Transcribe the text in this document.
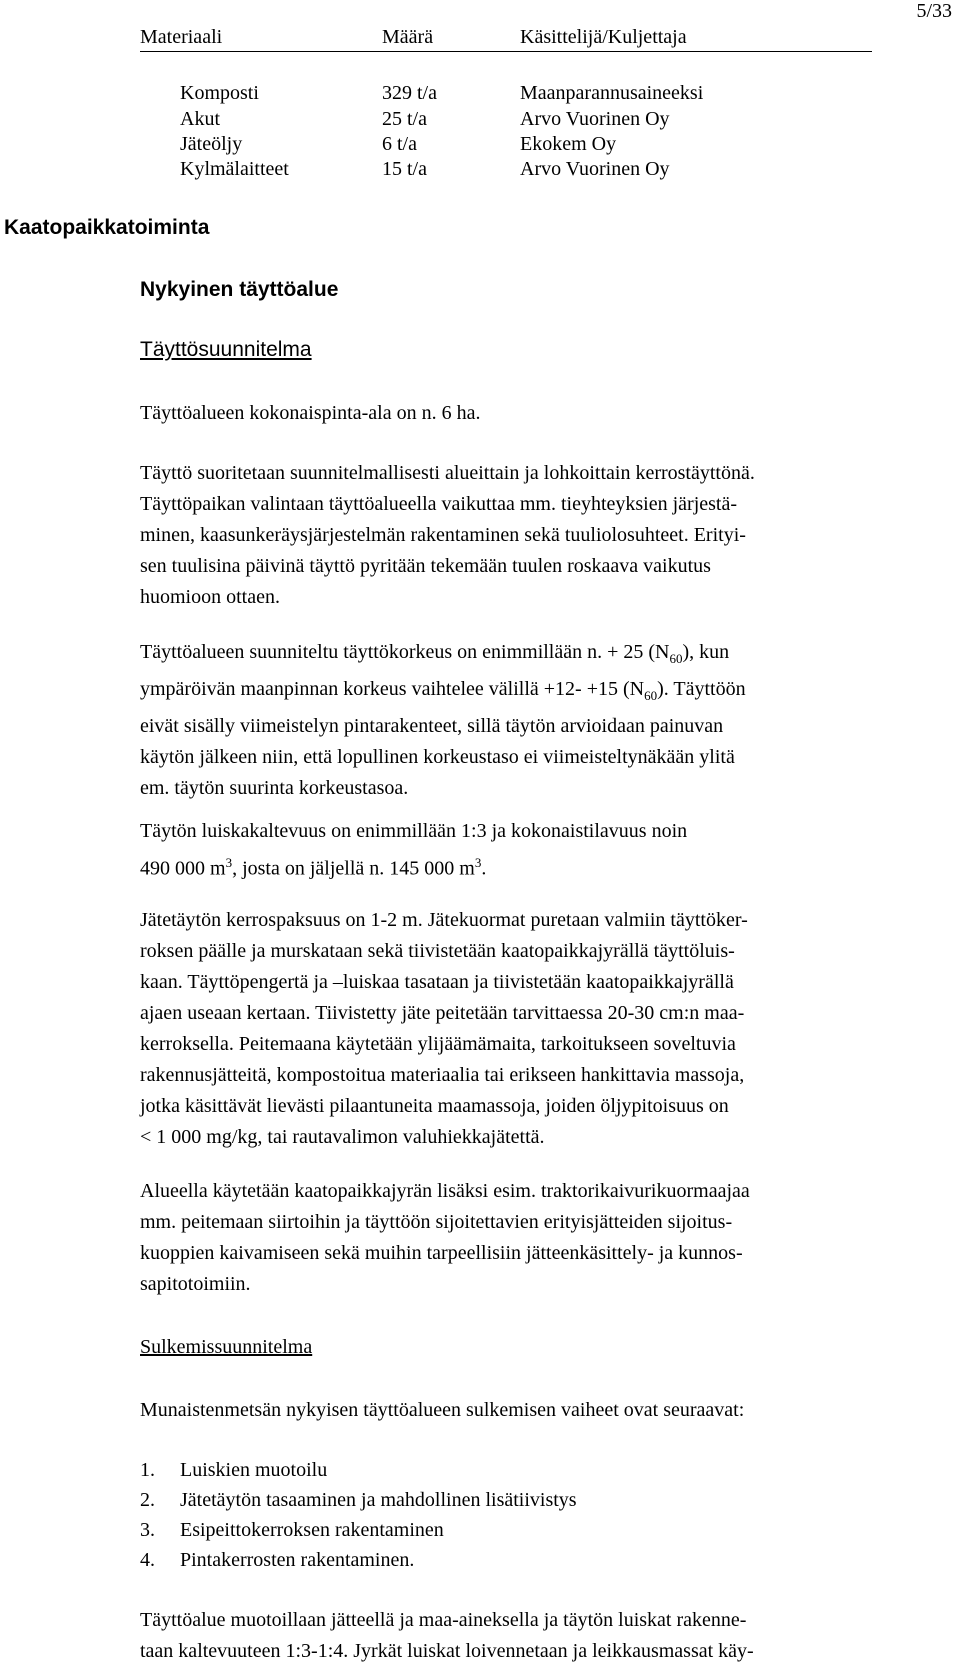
5/33
Materiaali	Määrä	Käsittelijä/Kuljettaja
Komposti	329 t/a	Maanparannusaineeksi
Akut	25 t/a	Arvo Vuorinen Oy
Jäteöljy	6 t/a	Ekokem Oy
Kylmälaitteet	15 t/a	Arvo Vuorinen Oy
Kaatopaikkatoiminta
Nykyinen täyttöalue
Täyttösuunnitelma

Täyttöalueen kokonaispinta-ala on n. 6 ha.

Täyttö suoritetaan suunnitelmallisesti alueittain ja lohkoittain kerrostäyttönä.
Täyttöpaikan valintaan täyttöalueella vaikuttaa mm. tieyhteyksien järjestä-
minen, kaasunkeräysjärjestelmän rakentaminen sekä tuuliolosuhteet. Erityi-
sen tuulisina päivinä täyttö pyritään tekemään tuulen roskaava vaikutus
huomioon ottaen.

Täyttöalueen suunniteltu täyttökorkeus on enimmillään n. + 25 $(N_{60})$, kun
ympäröivän maanpinnan korkeus vaihtelee välillä +12- +15 $(N_{60})$. Täyttöön
eivät sisälly viimeistelyn pintarakenteet, sillä täytön arvioidaan painuvan
käytön jälkeen niin, että lopullinen korkeustaso ei viimeisteltynäkään ylitä
em. täytön suurinta korkeustasoa.

Täytön luiskakaltevuus on enimmillään 1:3 ja kokonaistilavuus noin
490 000 $m^3$, josta on jäljellä n. 145 000 $m^3$.

Jätetäytön kerrospaksuus on 1-2 m. Jätekuormat puretaan valmiin täyttöker-
roksen päälle ja murskataan sekä tiivistetään kaatopaikkajyrällä täyttöluis-
kaan. Täyttöpengertä ja –luiskaa tasataan ja tiivistetään kaatopaikkajyrällä
ajaen useaan kertaan. Tiivistetty jäte peitetään tarvittaessa 20-30 cm:n maa-
kerroksella. Peitemaana käytetään ylijäämämaita, tarkoitukseen soveltuvia
rakennusjätteitä, kompostoitua materiaalia tai erikseen hankittavia massoja,
jotka käsittävät lievästi pilaantuneita maamassoja, joiden öljypitoisuus on
< 1 000 mg/kg, tai rautavalimon valuhiekkajätettä.

Alueella käytetään kaatopaikkajyrän lisäksi esim. traktorikaivurikuormaajaa
mm. peitemaan siirtoihin ja täyttöön sijoitettavien erityisjätteiden sijoitus-
kuoppien kaivamiseen sekä muihin tarpeellisiin jätteenkäsittely- ja kunnos-
sapitotoimiin.

Sulkemissuunnitelma

Munaistenmetsän nykyisen täyttöalueen sulkemisen vaiheet ovat seuraavat:

1. Luiskien muotoilu
2. Jätetäytön tasaaminen ja mahdollinen lisätiivistys
3. Esipeittokerroksen rakentaminen
4. Pintakerrosten rakentaminen.

Täyttöalue muotoillaan jätteellä ja maa-aineksella ja täytön luiskat rakenne-
taan kaltevuuteen 1:3-1:4. Jyrkät luiskat loivennetaan ja leikkausmassat käy-
